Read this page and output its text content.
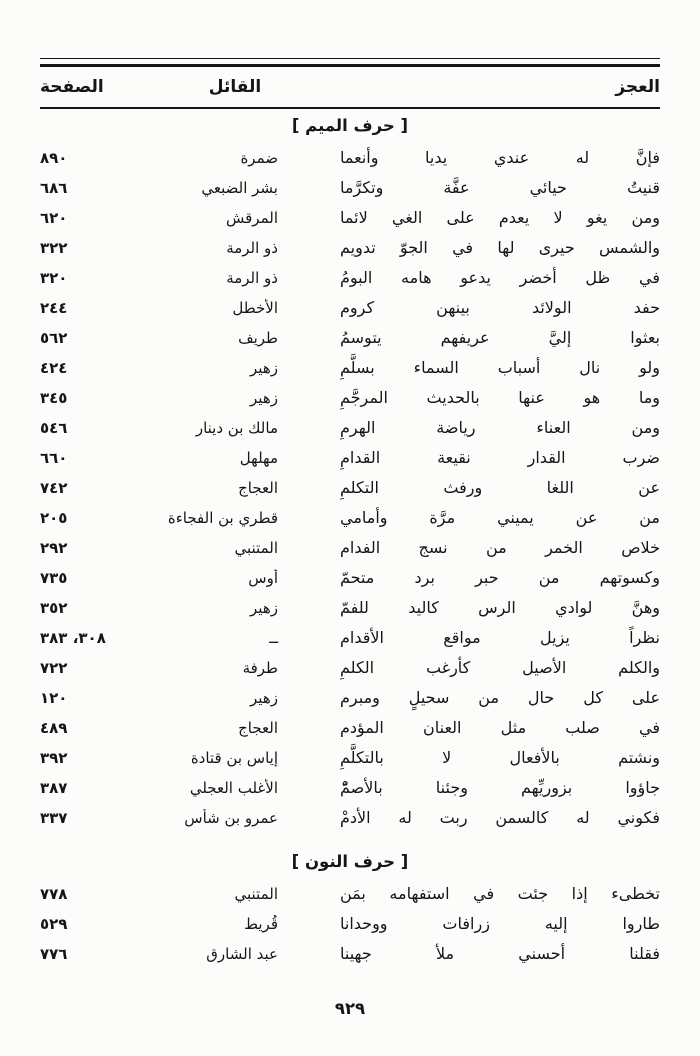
العجز
القائل
الصفحة
[ حرف الميم ]
فإنَّ له عندي يديا وأنعما
ضمرة
٨٩٠
قنيتُ حيائي عفَّة وتكرَّما
بشر الضبعي
٦٨٦
ومن يغو لا يعدم على الغي لائما
المرقش
٦٢٠
والشمس حيرى لها في الجوّ تدويم
ذو الرمة
٣٢٢
في ظل أخضر يدعو هامه البومُ
ذو الرمة
٣٢٠
حفد الولائد بينهن كروم
الأخطل
٢٤٤
بعثوا إليَّ عريفهم يتوسمُ
طريف
٥٦٢
ولو نال أسباب السماء بسلَّمِ
زهير
٤٢٤
وما هو عنها بالحديث المرجَّمِ
زهير
٣٤٥
ومن العناء رياضة الهرمِ
مالك بن دينار
٥٤٦
ضرب القدار نقيعة القدامِ
مهلهل
٦٦٠
عن اللغا ورفث التكلمِ
العجاج
٧٤٢
من عن يميني مرَّة وأمامي
قطري بن الفجاءة
٢٠٥
خلاص الخمر من نسج الفدام
المتنبي
٢٩٢
وكسوتهم من حبر برد متحمّ
أوس
٧٣٥
وهنَّ لوادي الرس كاليد للفمّ
زهير
٣٥٢
نظراً يزيل مواقع الأقدام
ــ
٣٠٨، ٣٨٣
والكلم الأصيل كأرغب الكلمِ
طرفة
٧٢٢
على كل حال من سحيلٍ ومبرم
زهير
١٢٠
في صلب مثل العنان المؤدم
العجاج
٤٨٩
ونشتم بالأفعال لا بالتكلَّمِ
إياس بن قتادة
٣٩٢
جاؤوا بزوريِّهم وجئنا بالأصمّْ
الأغلب العجلي
٣٨٧
فكوني له كالسمن ربت له الأدمْ
عمرو بن شأس
٣٣٧
[ حرف النون ]
تخطىء إذا جئت في استفهامه بمَن
المتنبي
٧٧٨
طاروا إليه زرافات ووحدانا
قُريط
٥٢٩
فقلنا أحسني ملأ جهينا
عبد الشارق
٧٧٦
٩٢٩
